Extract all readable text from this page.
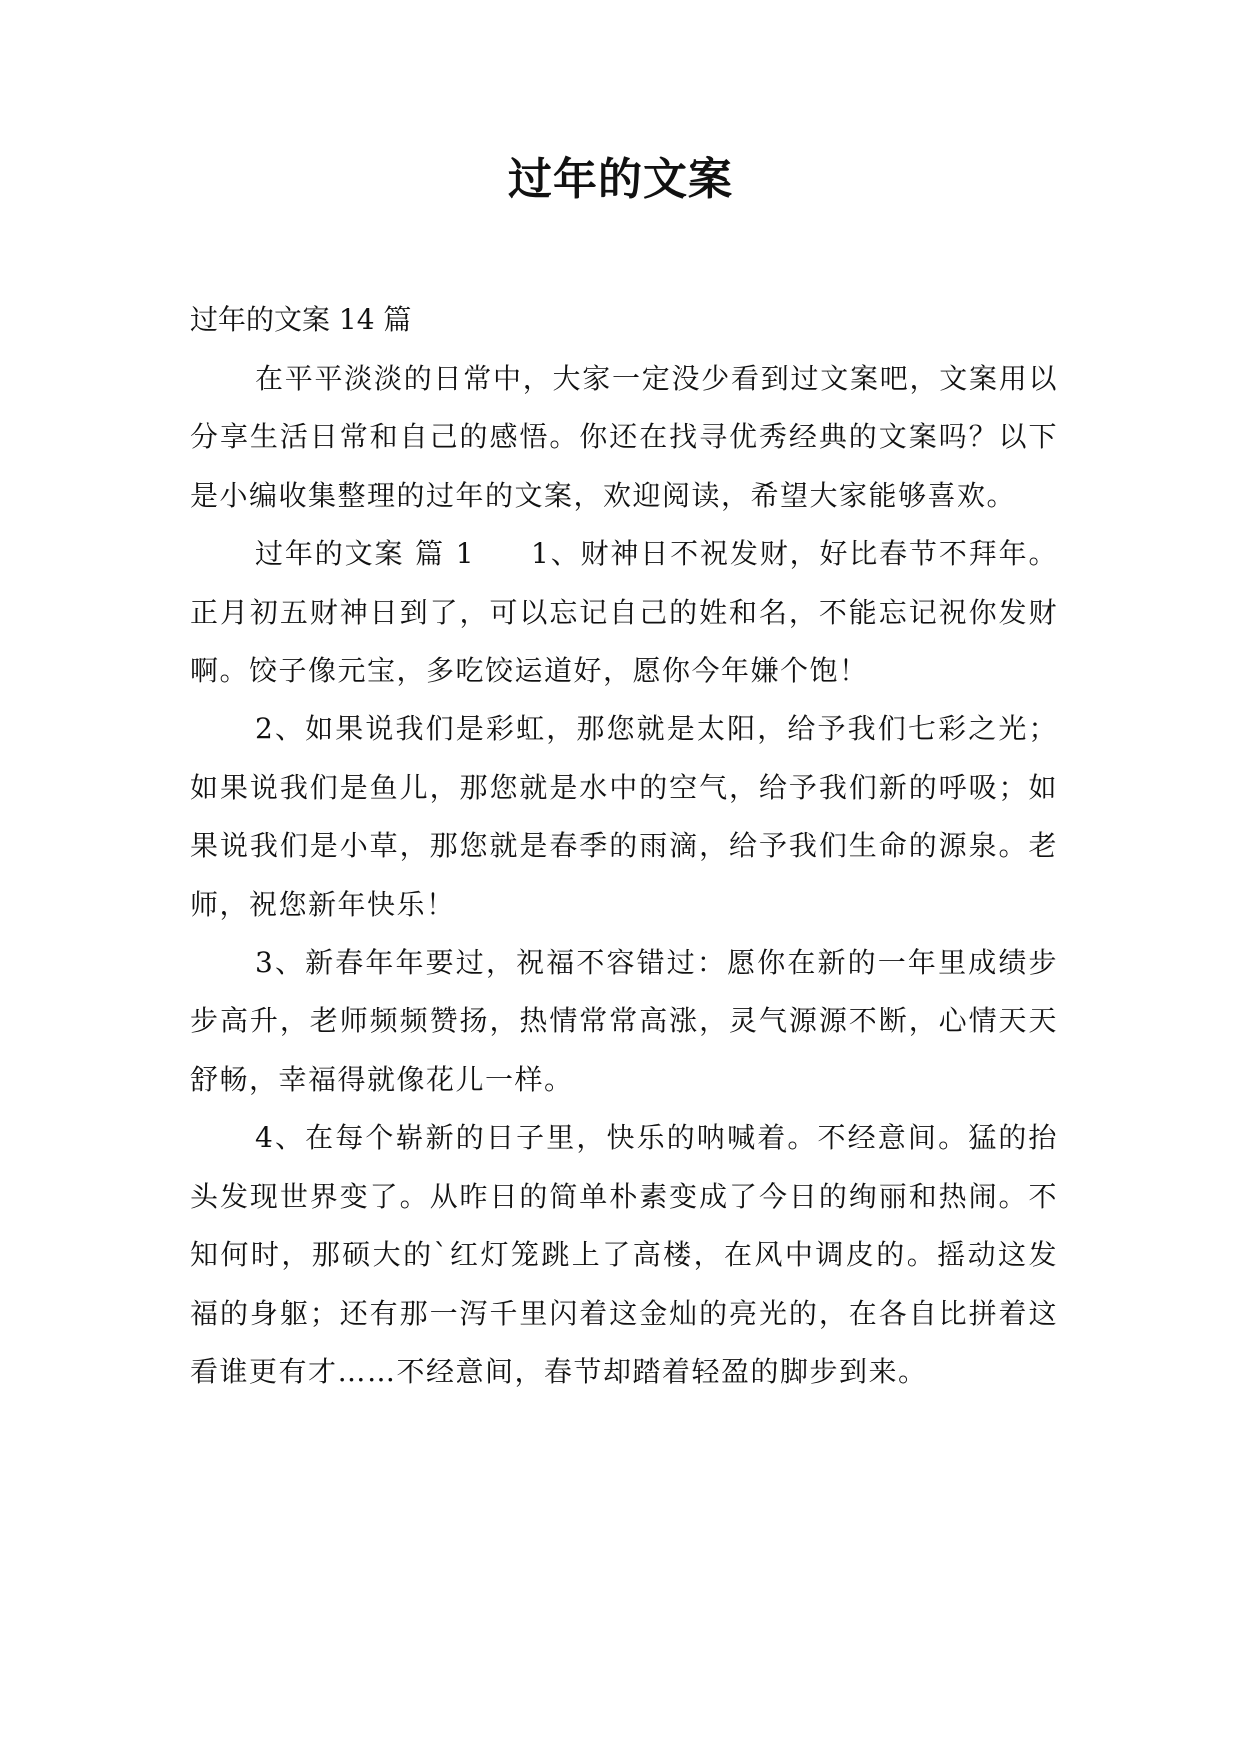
过年的文案

过年的文案 14 篇

在平平淡淡的日常中，大家一定没少看到过文案吧，文案用以分享生活日常和自己的感悟。你还在找寻优秀经典的文案吗？以下是小编收集整理的过年的文案，欢迎阅读，希望大家能够喜欢。

过年的文案 篇 1 1、财神日不祝发财，好比春节不拜年。正月初五财神日到了，可以忘记自己的姓和名，不能忘记祝你发财啊。饺子像元宝，多吃饺运道好，愿你今年嫌个饱！

2、如果说我们是彩虹，那您就是太阳，给予我们七彩之光；如果说我们是鱼儿，那您就是水中的空气，给予我们新的呼吸；如果说我们是小草，那您就是春季的雨滴，给予我们生命的源泉。老师，祝您新年快乐！

3、新春年年要过，祝福不容错过：愿你在新的一年里成绩步步高升，老师频频赞扬，热情常常高涨，灵气源源不断，心情天天舒畅，幸福得就像花儿一样。

4、在每个崭新的日子里，快乐的呐喊着。不经意间。猛的抬头发现世界变了。从昨日的简单朴素变成了今日的绚丽和热闹。不知何时，那硕大的`红灯笼跳上了高楼，在风中调皮的。摇动这发福的身躯；还有那一泻千里闪着这金灿的亮光的，在各自比拼着这看谁更有才……不经意间，春节却踏着轻盈的脚步到来。
